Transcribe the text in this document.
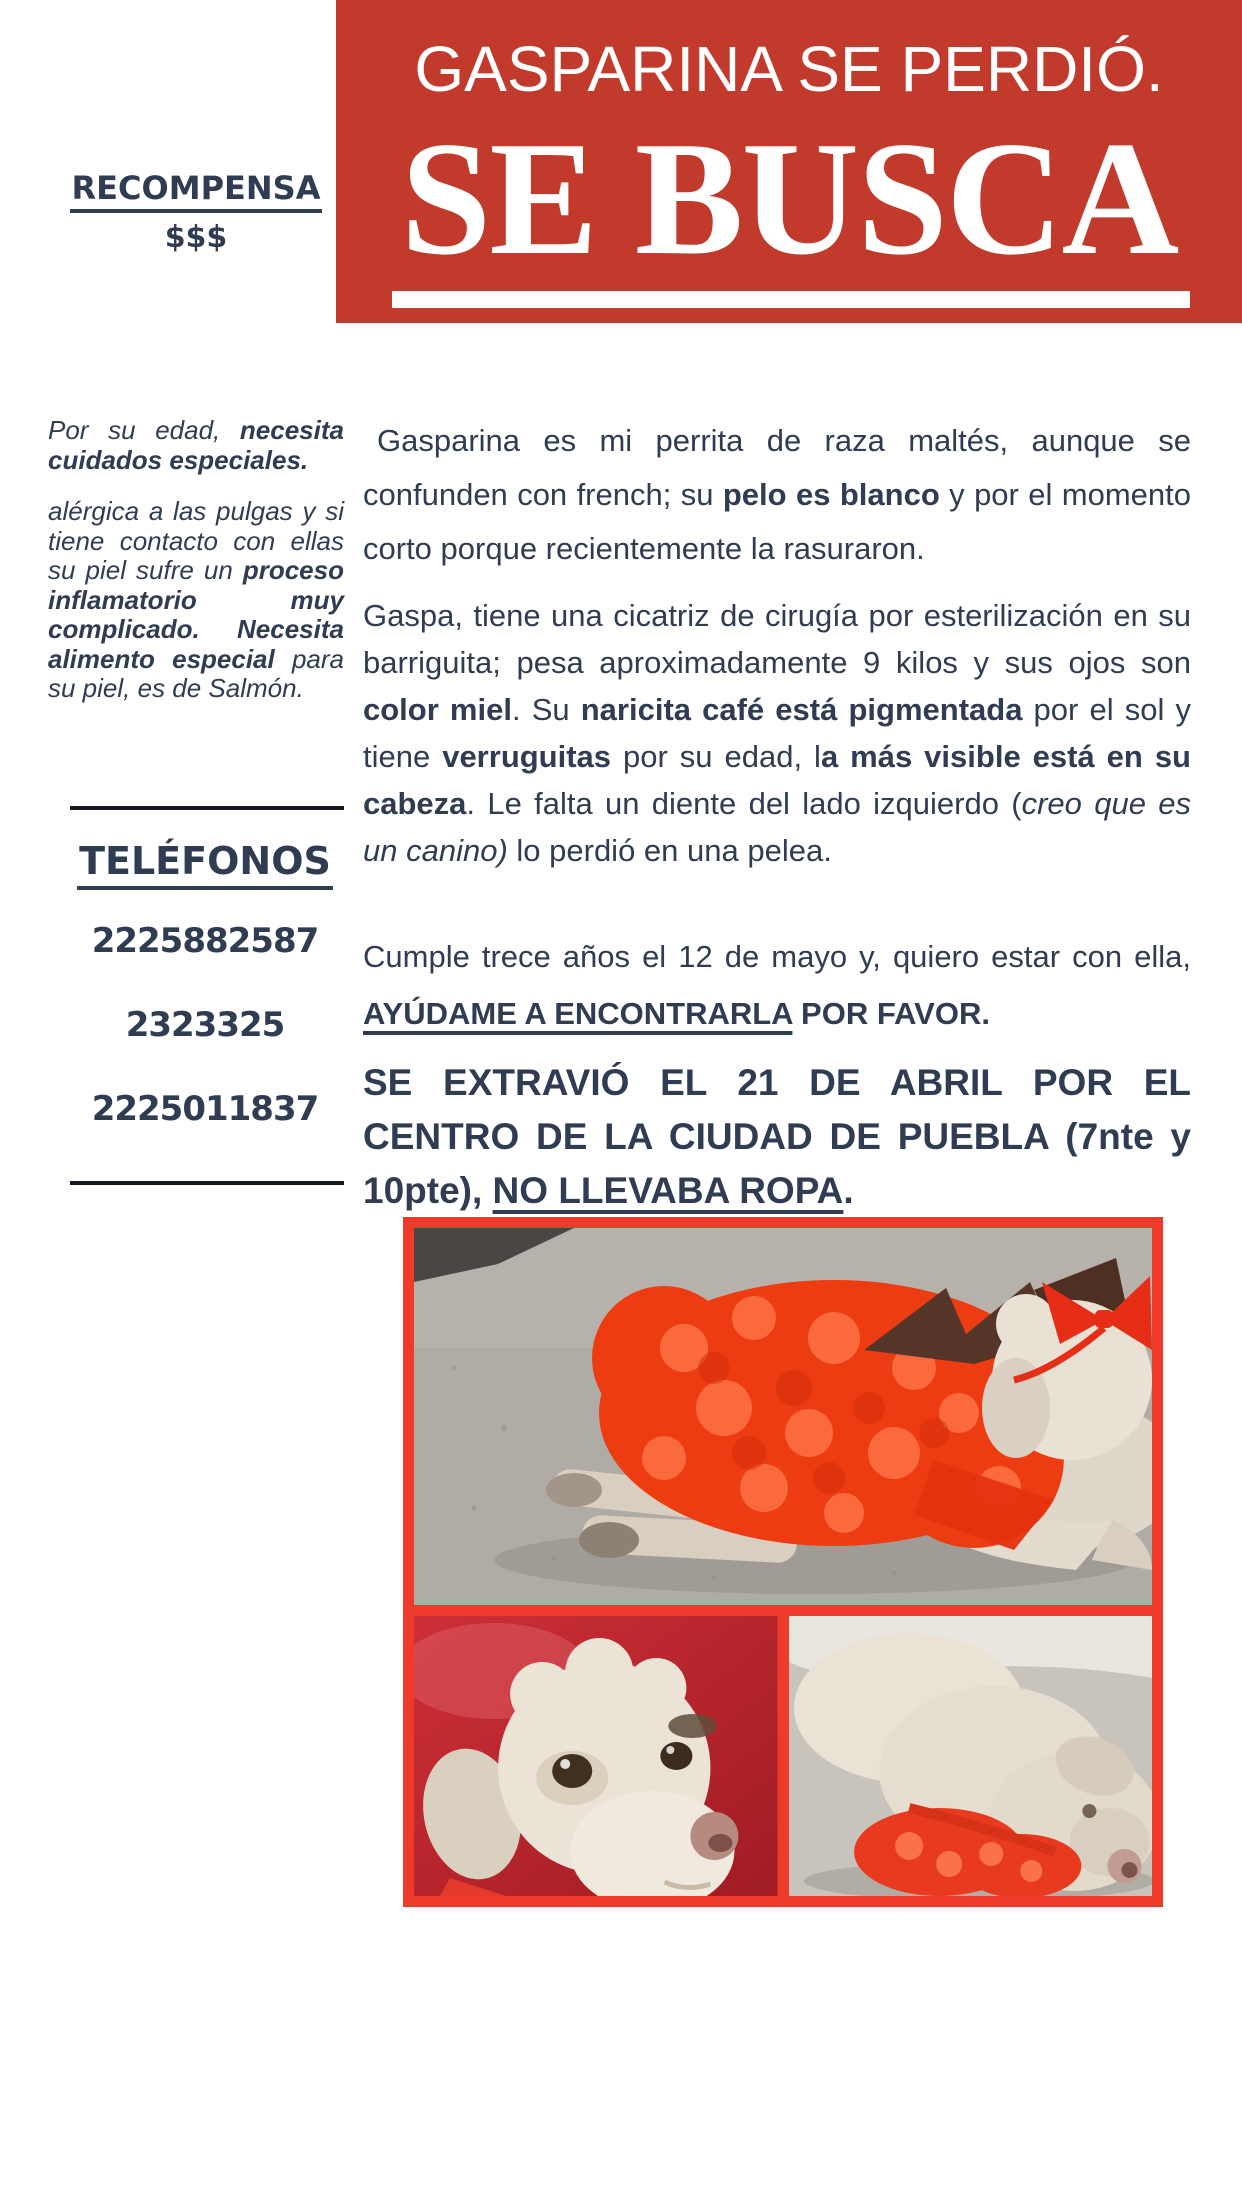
GASPARINA SE PERDIÓ.
SE BUSCA
RECOMPENSA
$$$
Por su edad, necesita cuidados especiales.
alérgica a las pulgas y si tiene contacto con ellas su piel sufre un proceso inflamatorio muy complicado. Necesita alimento especial para su piel, es de Salmón.
TELÉFONOS
2225882587
2323325
2225011837
Gasparina es mi perrita de raza maltés, aunque se confunden con french; su pelo es blanco y por el momento corto porque recientemente la rasuraron.
Gaspa, tiene una cicatriz de cirugía por esterilización en su barriguita; pesa aproximadamente 9 kilos y sus ojos son color miel. Su naricita café está pigmentada por el sol y tiene verruguitas por su edad, la más visible está en su cabeza. Le falta un diente del lado izquierdo (creo que es un canino) lo perdió en una pelea.
Cumple trece años el 12 de mayo y, quiero estar con ella, AYÚDAME A ENCONTRARLA POR FAVOR.
SE EXTRAVIÓ EL 21 DE ABRIL POR EL CENTRO DE LA CIUDAD DE PUEBLA (7nte y 10pte), NO LLEVABA ROPA.
